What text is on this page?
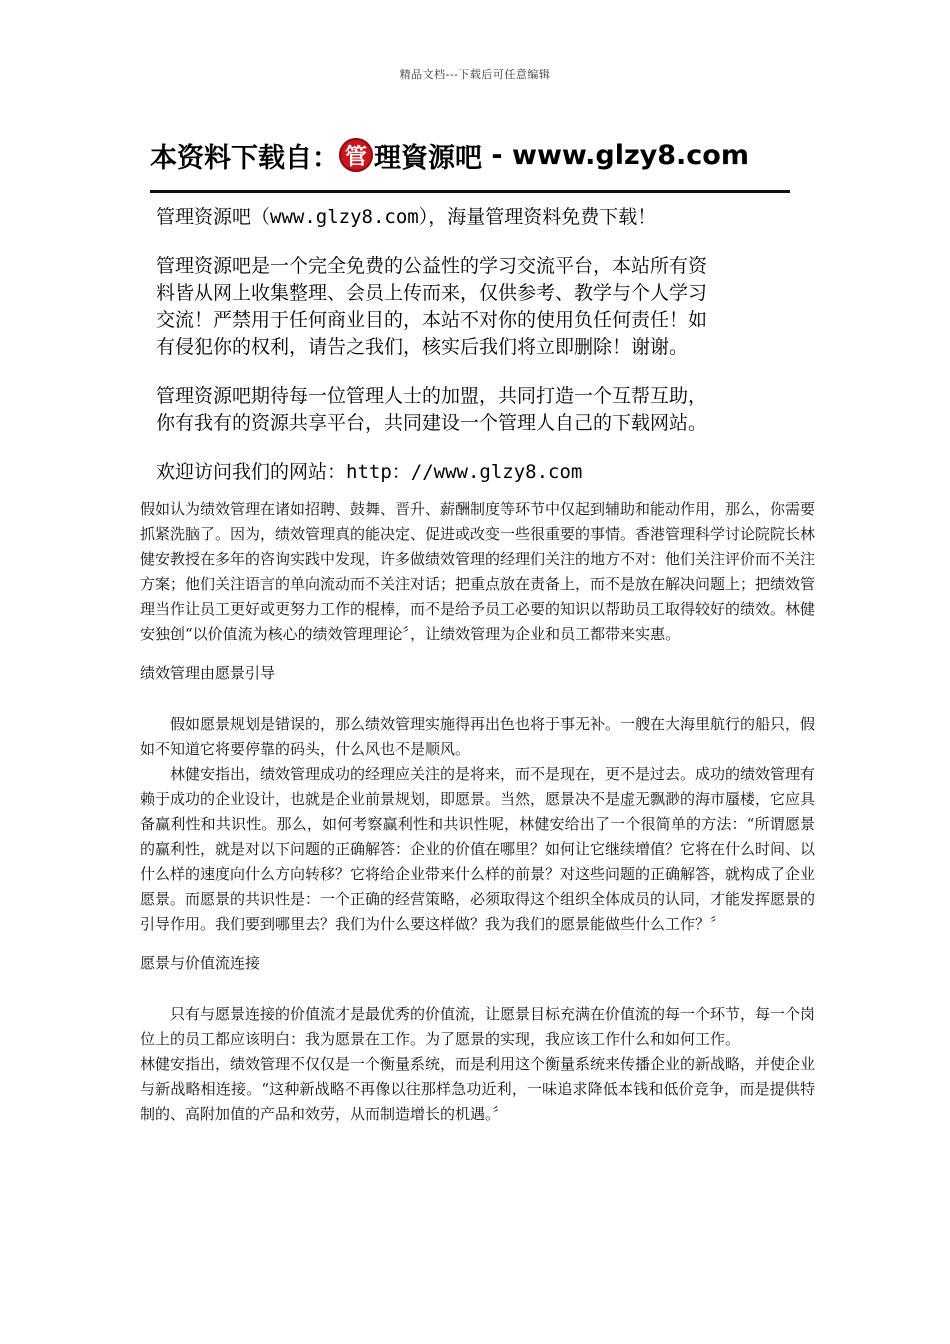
精品文档---下载后可任意编辑
本资料下载自： 管 理資源吧 - www.glzy8.com

管理资源吧（www.glzy8.com），海量管理资料免费下载！

管理资源吧是一个完全免费的公益性的学习交流平台，本站所有资

料皆从网上收集整理、会员上传而来，仅供参考、教学与个人学习

交流！严禁用于任何商业目的，本站不对你的使用负任何责任！如

有侵犯你的权利，请告之我们，核实后我们将立即删除！谢谢。

管理资源吧期待每一位管理人士的加盟，共同打造一个互帮互助，

你有我有的资源共享平台，共同建设一个管理人自己的下载网站。

欢迎访问我们的网站：http：//www.glzy8.com

假如认为绩效管理在诸如招聘、鼓舞、晋升、薪酬制度等环节中仅起到辅助和能动作用，那么，你需要抓紧洗脑了。因为，绩效管理真的能决定、促进或改变一些很重要的事情。香港管理科学讨论院院长林健安教授在多年的咨询实践中发现，许多做绩效管理的经理们关注的地方不对：他们关注评价而不关注方案；他们关注语言的单向流动而不关注对话；把重点放在责备上，而不是放在解决问题上；把绩效管理当作让员工更好或更努力工作的棍棒，而不是给予员工必要的知识以帮助员工取得较好的绩效。林健安独创“以价值流为核心的绩效管理理论〞，让绩效管理为企业和员工都带来实惠。

绩效管理由愿景引导

假如愿景规划是错误的，那么绩效管理实施得再出色也将于事无补。一艘在大海里航行的船只，假如不知道它将要停靠的码头，什么风也不是顺风。

林健安指出，绩效管理成功的经理应关注的是将来，而不是现在，更不是过去。成功的绩效管理有赖于成功的企业设计，也就是企业前景规划，即愿景。当然，愿景决不是虚无飘渺的海市蜃楼，它应具备赢利性和共识性。那么，如何考察赢利性和共识性呢，林健安给出了一个很简单的方法：“所谓愿景的赢利性，就是对以下问题的正确解答：企业的价值在哪里？如何让它继续增值？它将在什么时间、以什么样的速度向什么方向转移？它将给企业带来什么样的前景？对这些问题的正确解答，就构成了企业愿景。而愿景的共识性是：一个正确的经营策略，必须取得这个组织全体成员的认同，才能发挥愿景的引导作用。我们要到哪里去？我们为什么要这样做？我为我们的愿景能做些什么工作？〞

愿景与价值流连接

只有与愿景连接的价值流才是最优秀的价值流，让愿景目标充满在价值流的每一个环节，每一个岗位上的员工都应该明白：我为愿景在工作。为了愿景的实现，我应该工作什么和如何工作。

林健安指出，绩效管理不仅仅是一个衡量系统，而是利用这个衡量系统来传播企业的新战略，并使企业与新战略相连接。“这种新战略不再像以往那样急功近利，一味追求降低本钱和低价竞争，而是提供特制的、高附加值的产品和效劳，从而制造增长的机遇。〞
